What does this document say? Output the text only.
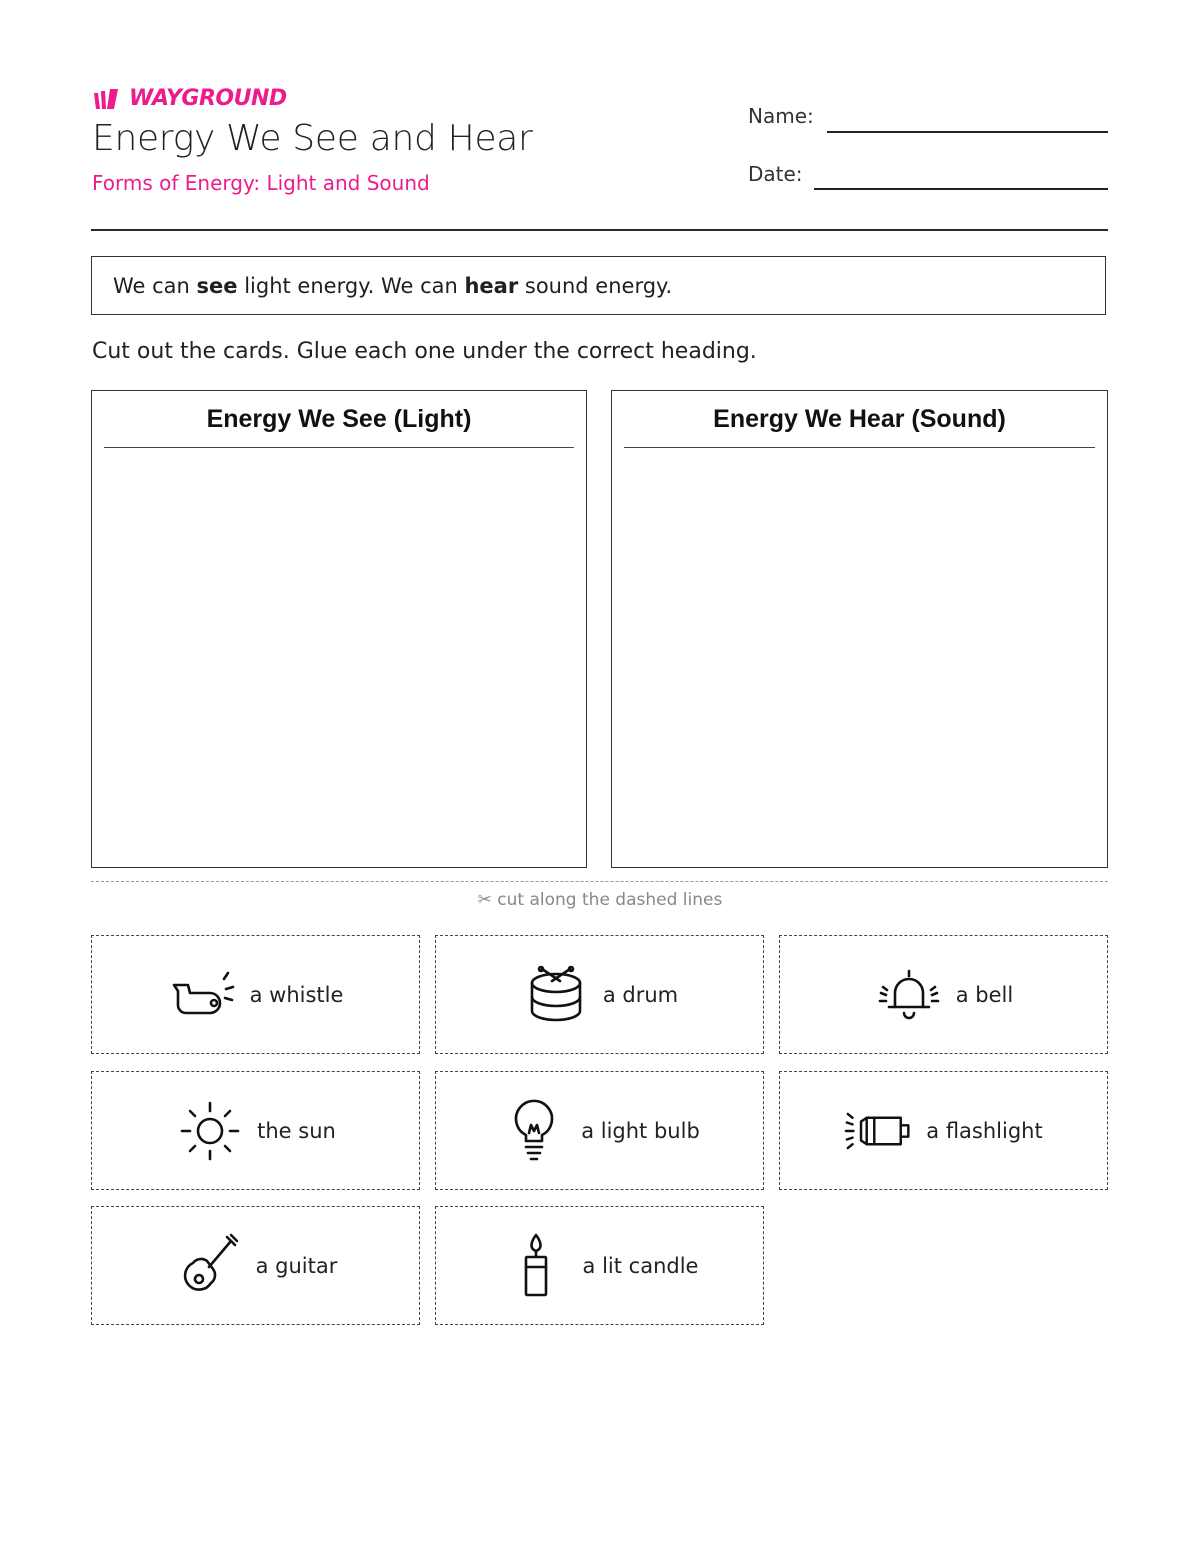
WAYGROUND
Energy We See and Hear
Forms of Energy: Light and Sound
Name:
Date:
We can see light energy. We can hear sound energy.
Cut out the cards. Glue each one under the correct heading.
Energy We See (Light)	Energy We Hear (Sound)
✂ cut along the dashed lines
a whistle	a drum	a bell
the sun	a light bulb	a flashlight
a guitar	a lit candle
